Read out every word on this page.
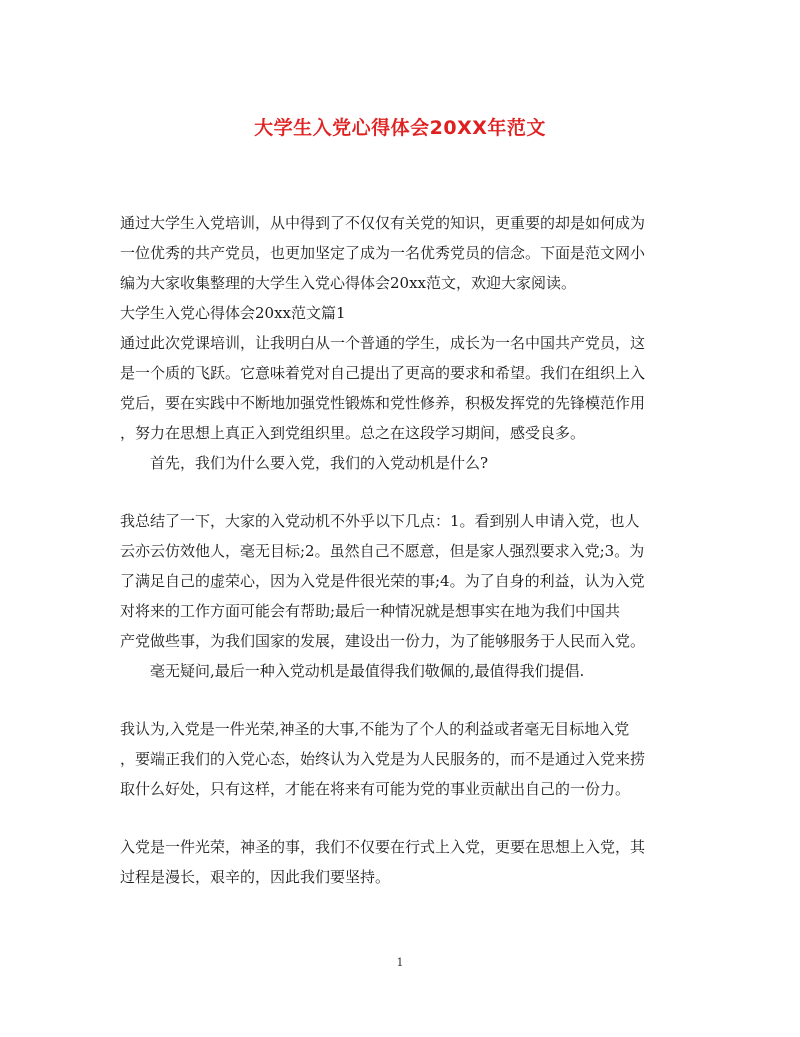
大学生入党心得体会20XX年范文
通过大学生入党培训，从中得到了不仅仅有关党的知识，更重要的却是如何成为
一位优秀的共产党员，也更加坚定了成为一名优秀党员的信念。下面是范文网小
编为大家收集整理的大学生入党心得体会20xx范文，欢迎大家阅读。
大学生入党心得体会20xx范文篇1
通过此次党课培训，让我明白从一个普通的学生，成长为一名中国共产党员，这
是一个质的飞跃。它意味着党对自己提出了更高的要求和希望。我们在组织上入
党后，要在实践中不断地加强党性锻炼和党性修养，积极发挥党的先锋模范作用
，努力在思想上真正入到党组织里。总之在这段学习期间，感受良多。
首先，我们为什么要入党，我们的入党动机是什么?
我总结了一下，大家的入党动机不外乎以下几点：1。看到别人申请入党，也人
云亦云仿效他人，毫无目标;2。虽然自己不愿意，但是家人强烈要求入党;3。为
了满足自己的虚荣心，因为入党是件很光荣的事;4。为了自身的利益，认为入党
对将来的工作方面可能会有帮助;最后一种情况就是想事实在地为我们中国共
产党做些事，为我们国家的发展，建设出一份力，为了能够服务于人民而入党。
毫无疑问,最后一种入党动机是最值得我们敬佩的,最值得我们提倡.
我认为,入党是一件光荣,神圣的大事,不能为了个人的利益或者毫无目标地入党
，要端正我们的入党心态，始终认为入党是为人民服务的，而不是通过入党来捞
取什么好处，只有这样，才能在将来有可能为党的事业贡献出自己的一份力。
入党是一件光荣，神圣的事，我们不仅要在行式上入党，更要在思想上入党，其
过程是漫长，艰辛的，因此我们要坚持。
1
